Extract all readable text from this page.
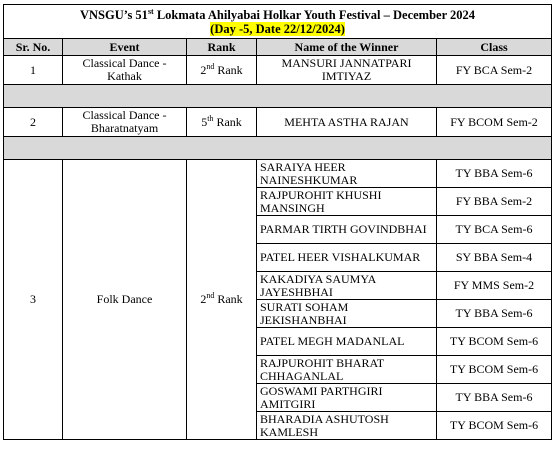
VNSGU’s 51st Lokmata Ahilyabai Holkar Youth Festival – December 2024
(Day -5, Date 22/12/2024)				
Sr. No.	Event	Rank	Name of the Winner	Class
1	Classical Dance - Kathak	2nd Rank	MANSURI JANNATPARI IMTIYAZ	FY BCA Sem-2

2	Classical Dance - Bharatnatyam	5th Rank	MEHTA ASTHA RAJAN	FY BCOM Sem-2

3	Folk Dance	2nd Rank	SARAIYA HEER NAINESHKUMAR	TY BBA Sem-6
			RAJPUROHIT KHUSHI MANSINGH	FY BBA Sem-2
			PARMAR TIRTH GOVINDBHAI	TY BCA Sem-6
			PATEL HEER VISHALKUMAR	SY BBA Sem-4
			KAKADIYA SAUMYA JAYESHBHAI	FY MMS Sem-2
			SURATI SOHAM JEKISHANBHAI	TY BBA Sem-6
			PATEL MEGH MADANLAL	TY BCOM Sem-6
			RAJPUROHIT BHARAT CHHAGANLAL	TY BCOM Sem-6
			GOSWAMI PARTHGIRI AMITGIRI	TY BBA Sem-6
			BHARADIA ASHUTOSH KAMLESH	TY BCOM Sem-6
